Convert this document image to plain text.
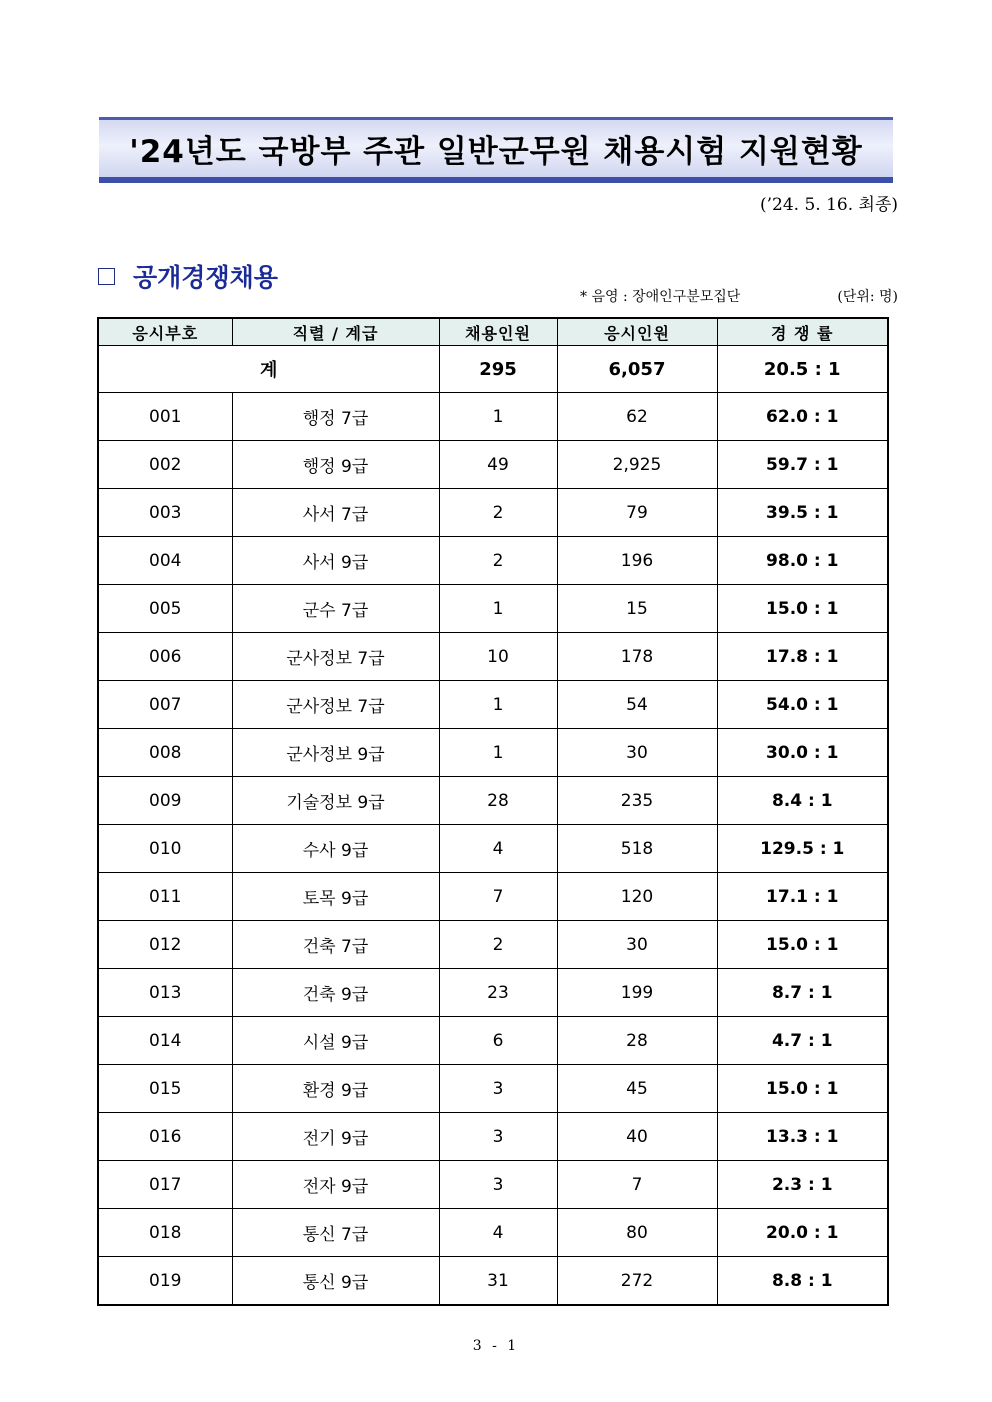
'24년도 국방부 주관 일반군무원 채용시험 지원현황
(’24. 5. 16. 최종)
공개경쟁채용
* 음영 : 장애인구분모집단	(단위: 명)
응시부호	직렬 / 계급	채용인원	응시인원	경 쟁 률
계		295	6,057	20.5 : 1
001	행정 7급	1	62	62.0 : 1
002	행정 9급	49	2,925	59.7 : 1
003	사서 7급	2	79	39.5 : 1
004	사서 9급	2	196	98.0 : 1
005	군수 7급	1	15	15.0 : 1
006	군사정보 7급	10	178	17.8 : 1
007	군사정보 7급	1	54	54.0 : 1
008	군사정보 9급	1	30	30.0 : 1
009	기술정보 9급	28	235	8.4 : 1
010	수사 9급	4	518	129.5 : 1
011	토목 9급	7	120	17.1 : 1
012	건축 7급	2	30	15.0 : 1
013	건축 9급	23	199	8.7 : 1
014	시설 9급	6	28	4.7 : 1
015	환경 9급	3	45	15.0 : 1
016	전기 9급	3	40	13.3 : 1
017	전자 9급	3	7	2.3 : 1
018	통신 7급	4	80	20.0 : 1
019	통신 9급	31	272	8.8 : 1
3 - 1
